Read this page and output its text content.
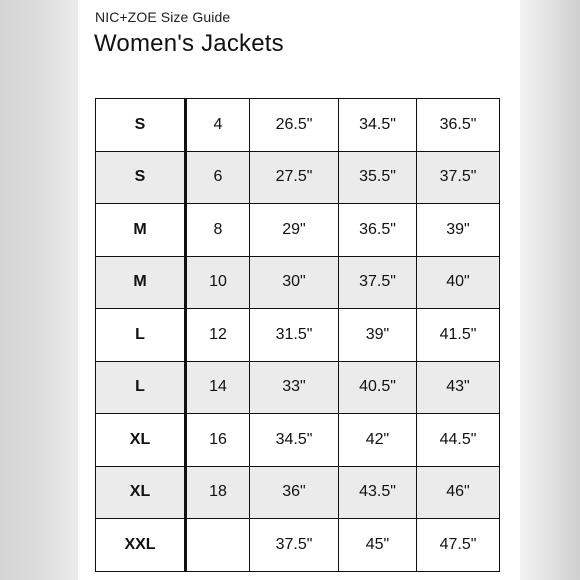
NIC+ZOE Size Guide
Women's Jackets

S	4	26.5"	34.5"	36.5"
S	6	27.5"	35.5"	37.5"
M	8	29"	36.5"	39"
M	10	30"	37.5"	40"
L	12	31.5"	39"	41.5"
L	14	33"	40.5"	43"
XL	16	34.5"	42"	44.5"
XL	18	36"	43.5"	46"
XXL		37.5"	45"	47.5"
